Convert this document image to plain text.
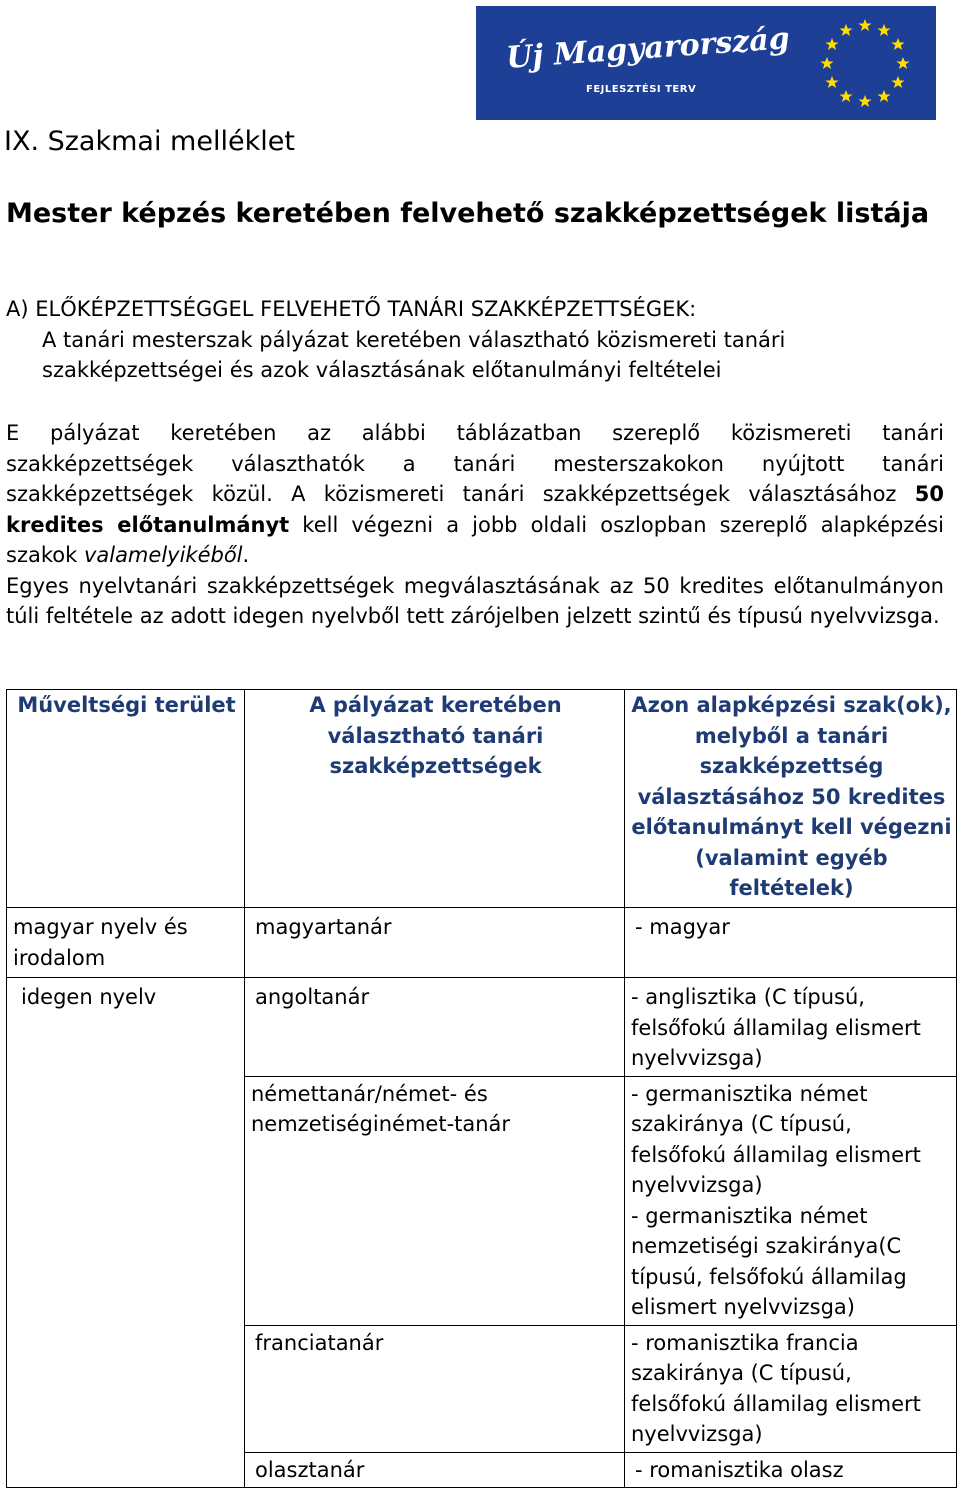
Új Magyarország
FEJLESZTÉSI TERV
IX. Szakmai melléklet
Mester képzés keretében felvehető szakképzettségek listája
A) ELŐKÉPZETTSÉGGEL FELVEHETŐ TANÁRI SZAKKÉPZETTSÉGEK:
A tanári mesterszak pályázat keretében választható közismereti tanári
szakképzettségei és azok választásának előtanulmányi feltételei

E pályázat keretében az alábbi táblázatban szereplő közismereti tanári szakképzettségek választhatók a tanári mesterszakokon nyújtott tanári szakképzettségek közül. A közismereti tanári szakképzettségek választásához 50 kredites előtanulmányt kell végezni a jobb oldali oszlopban szereplő alapképzési szakok valamelyikéből.

Egyes nyelvtanári szakképzettségek megválasztásának az 50 kredites előtanulmányon túli feltétele az adott idegen nyelvből tett zárójelben jelzett szintű és típusú nyelvvizsga.

Műveltségi terület	A pályázat keretében választható tanári szakképzettségek	Azon alapképzési szak(ok), melyből a tanári szakképzettség választásához 50 kredites előtanulmányt kell végezni (valamint egyéb feltételek)
magyar nyelv és irodalom	magyartanár	- magyar
idegen nyelv	angoltanár	- anglisztika (C típusú, felsőfokú államilag elismert nyelvvizsga)
	némettanár/német- és nemzetiséginémet-tanár	- germanisztika német szakiránya (C típusú, felsőfokú államilag elismert nyelvvizsga)
- germanisztika német nemzetiségi szakiránya(C típusú, felsőfokú államilag elismert nyelvvizsga)

	franciatanár	- romanisztika francia szakiránya (C típusú, felsőfokú államilag elismert nyelvvizsga)
	olasztanár	- romanisztika olasz
